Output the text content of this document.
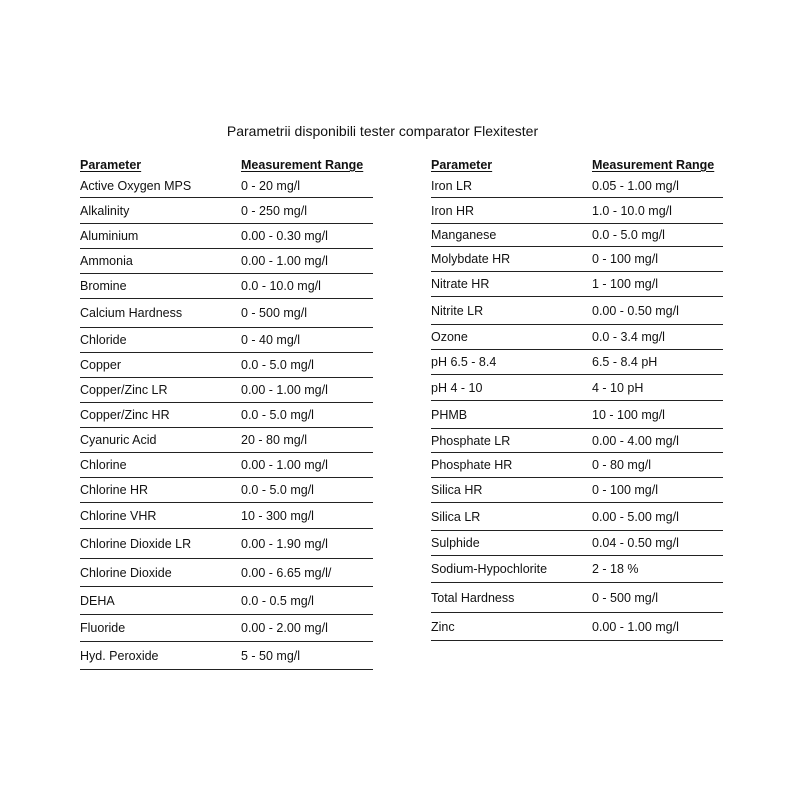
Parametrii disponibili tester comparator Flexitester
Parameter	Measurement Range
Active Oxygen MPS	0 - 20 mg/l
Alkalinity	0 - 250 mg/l
Aluminium	0.00 - 0.30 mg/l
Ammonia	0.00 - 1.00 mg/l
Bromine	0.0 - 10.0 mg/l
Calcium Hardness	0 - 500 mg/l
Chloride	0 - 40 mg/l
Copper	0.0 - 5.0 mg/l
Copper/Zinc LR	0.00 - 1.00 mg/l
Copper/Zinc HR	0.0 - 5.0 mg/l
Cyanuric Acid	20 - 80 mg/l
Chlorine	0.00 - 1.00 mg/l
Chlorine HR	0.0 - 5.0 mg/l
Chlorine VHR	10 - 300 mg/l
Chlorine Dioxide LR	0.00 - 1.90 mg/l
Chlorine Dioxide	0.00 - 6.65 mg/l/
DEHA	0.0 - 0.5 mg/l
Fluoride	0.00 - 2.00 mg/l
Hyd. Peroxide	5 - 50 mg/l
Parameter	Measurement Range
Iron LR	0.05 - 1.00 mg/l
Iron HR	1.0 - 10.0 mg/l
Manganese	0.0 - 5.0 mg/l
Molybdate HR	0 - 100 mg/l
Nitrate HR	1 - 100 mg/l
Nitrite LR	0.00 - 0.50 mg/l
Ozone	0.0 - 3.4 mg/l
pH 6.5 - 8.4	6.5 - 8.4 pH
pH 4 - 10	4 - 10 pH
PHMB	10 - 100 mg/l
Phosphate LR	0.00 - 4.00 mg/l
Phosphate HR	0 - 80 mg/l
Silica HR	0 - 100 mg/l
Silica LR	0.00 - 5.00 mg/l
Sulphide	0.04 - 0.50 mg/l
Sodium-Hypochlorite	2 - 18 %
Total Hardness	0 - 500 mg/l
Zinc	0.00 - 1.00 mg/l
